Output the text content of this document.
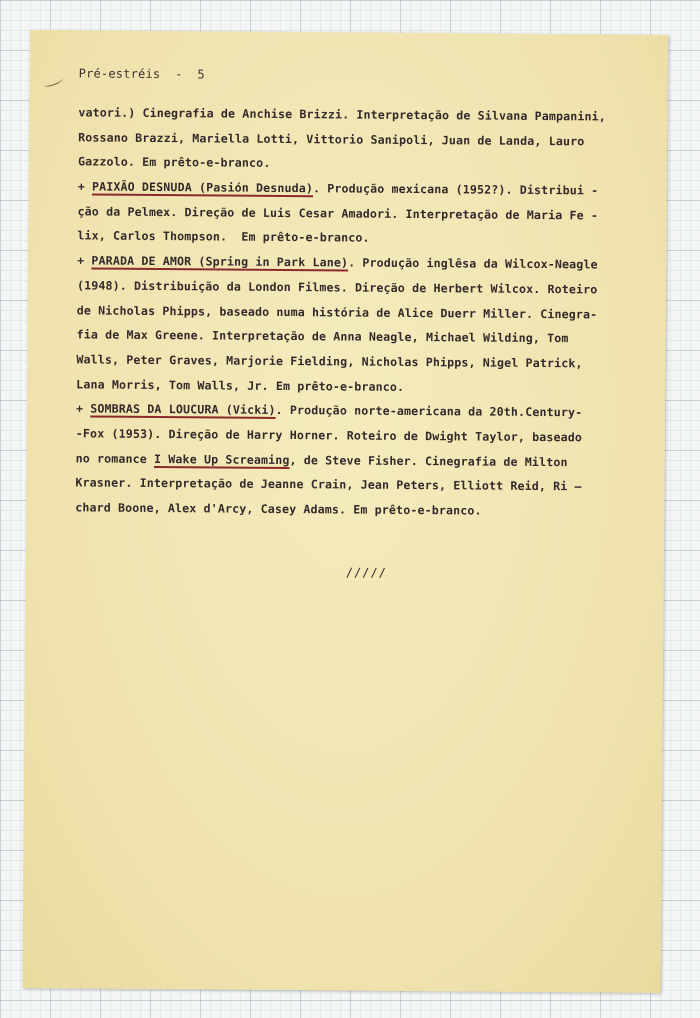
Pré-estréis  -  5
vatori.) Cinegrafia de Anchise Brizzi. Interpretação de Silvana Pampanini,
Rossano Brazzi, Mariella Lotti, Vittorio Sanipoli, Juan de Landa, Lauro
Gazzolo. Em prêto-e-branco.
+ PAIXÃO DESNUDA (Pasión Desnuda). Produção mexicana (1952?). Distribui -
ção da Pelmex. Direção de Luis Cesar Amadori. Interpretação de Maria Fe -
lix, Carlos Thompson.  Em prêto-e-branco.
+ PARADA DE AMOR (Spring in Park Lane). Produção inglêsa da Wilcox-Neagle
(1948). Distribuição da London Filmes. Direção de Herbert Wilcox. Roteiro
de Nicholas Phipps, baseado numa história de Alice Duerr Miller. Cinegra-
fia de Max Greene. Interpretação de Anna Neagle, Michael Wilding, Tom
Walls, Peter Graves, Marjorie Fielding, Nicholas Phipps, Nigel Patrick,
Lana Morris, Tom Walls, Jr. Em prêto-e-branco.
+ SOMBRAS DA LOUCURA (Vicki). Produção norte-americana da 20th.Century-
-Fox (1953). Direção de Harry Horner. Roteiro de Dwight Taylor, baseado
no romance I Wake Up Screaming, de Steve Fisher. Cinegrafia de Milton
Krasner. Interpretação de Jeanne Crain, Jean Peters, Elliott Reid, Ri —
chard Boone, Alex d'Arcy, Casey Adams. Em prêto-e-branco.
/////
